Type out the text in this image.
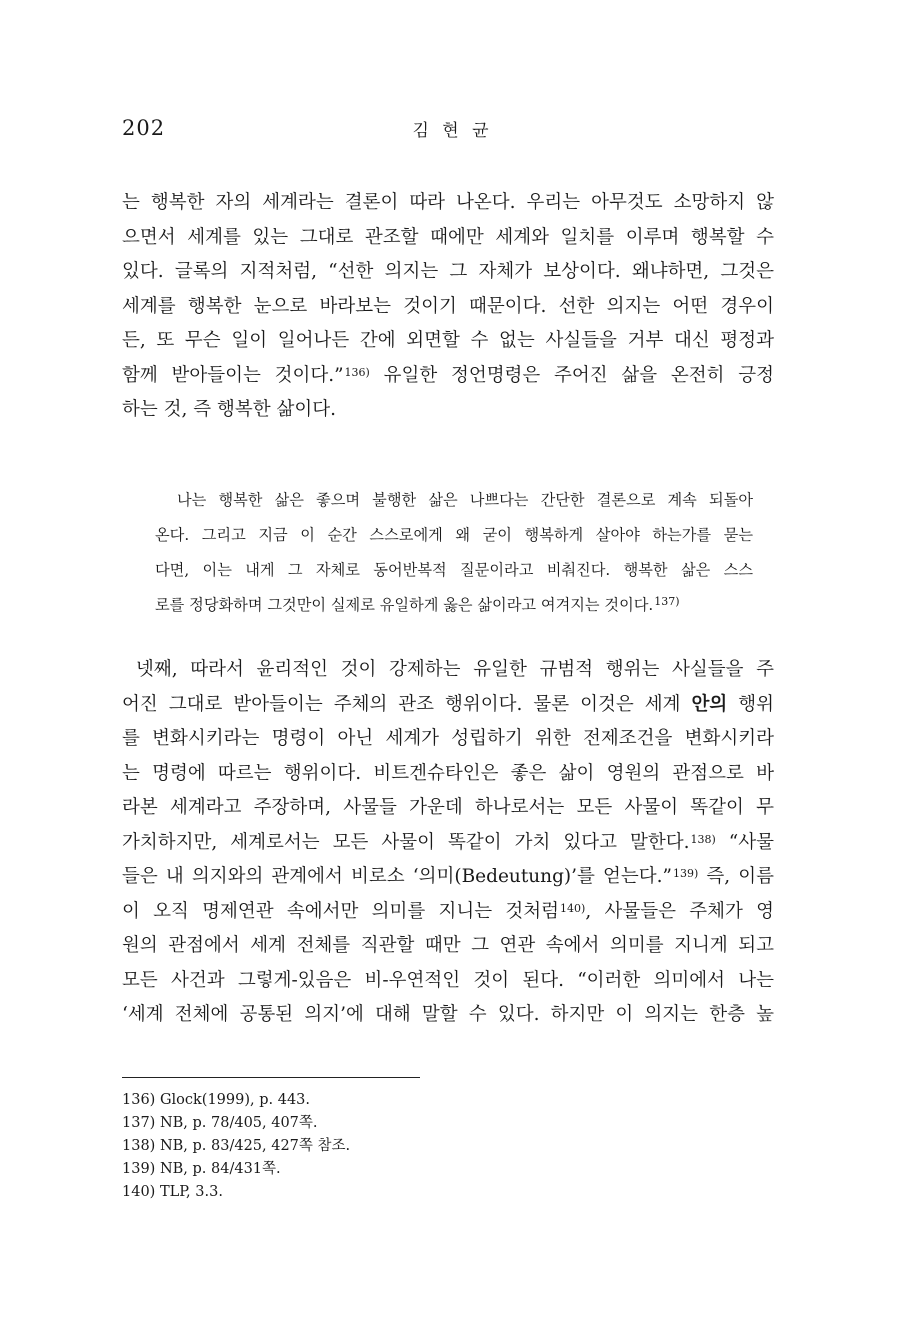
202	김 현 균
는 행복한 자의 세계라는 결론이 따라 나온다. 우리는 아무것도 소망하지 않
으면서 세계를 있는 그대로 관조할 때에만 세계와 일치를 이루며 행복할 수
있다. 글록의 지적처럼, “선한 의지는 그 자체가 보상이다. 왜냐하면, 그것은
세계를 행복한 눈으로 바라보는 것이기 때문이다. 선한 의지는 어떤 경우이
든, 또 무슨 일이 일어나든 간에 외면할 수 없는 사실들을 거부 대신 평정과
함께 받아들이는 것이다.”$^{136)}$ 유일한 정언명령은 주어진 삶을 온전히 긍정
하는 것, 즉 행복한 삶이다.
나는 행복한 삶은 좋으며 불행한 삶은 나쁘다는 간단한 결론으로 계속 되돌아
온다. 그리고 지금 이 순간 스스로에게 왜 굳이 행복하게 살아야 하는가를 묻는
다면, 이는 내게 그 자체로 동어반복적 질문이라고 비춰진다. 행복한 삶은 스스
로를 정당화하며 그것만이 실제로 유일하게 옳은 삶이라고 여겨지는 것이다.$^{137)}$
넷째, 따라서 윤리적인 것이 강제하는 유일한 규범적 행위는 사실들을 주
어진 그대로 받아들이는 주체의 관조 행위이다. 물론 이것은 세계 안의 행위
를 변화시키라는 명령이 아닌 세계가 성립하기 위한 전제조건을 변화시키라
는 명령에 따르는 행위이다. 비트겐슈타인은 좋은 삶이 영원의 관점으로 바
라본 세계라고 주장하며, 사물들 가운데 하나로서는 모든 사물이 똑같이 무
가치하지만, 세계로서는 모든 사물이 똑같이 가치 있다고 말한다.$^{138)}$ “사물
들은 내 의지와의 관계에서 비로소 ‘의미(Bedeutung)’를 얻는다.”$^{139)}$ 즉, 이름
이 오직 명제연관 속에서만 의미를 지니는 것처럼$^{140)}$, 사물들은 주체가 영
원의 관점에서 세계 전체를 직관할 때만 그 연관 속에서 의미를 지니게 되고
모든 사건과 그렇게-있음은 비-우연적인 것이 된다. “이러한 의미에서 나는
‘세계 전체에 공통된 의지’에 대해 말할 수 있다. 하지만 이 의지는 한층 높
136) Glock(1999), p. 443.
137) NB, p. 78/405, 407쪽.
138) NB, p. 83/425, 427쪽 참조.
139) NB, p. 84/431쪽.
140) TLP, 3.3.
